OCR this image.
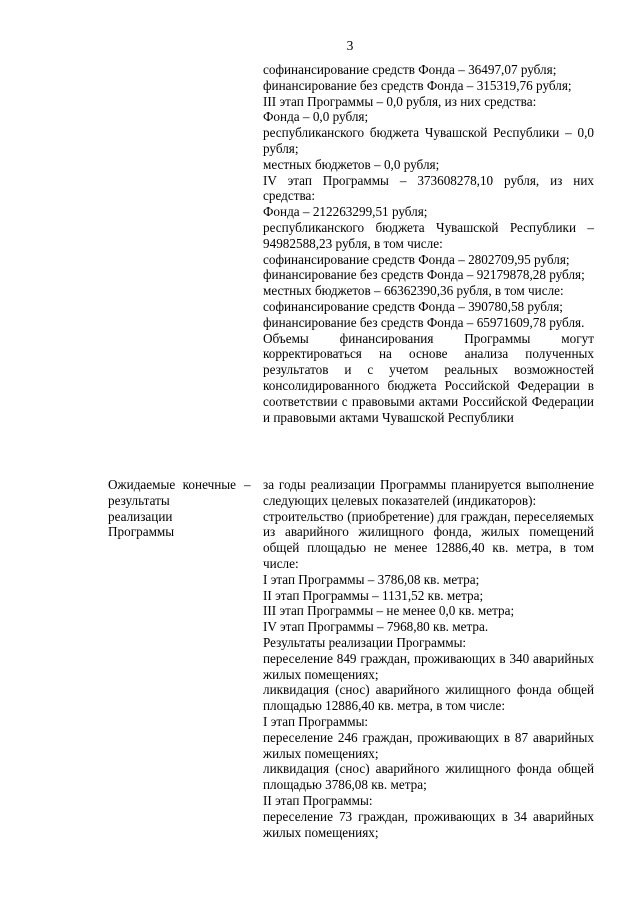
3

софинансирование средств Фонда – 36497,07 рубля;

финансирование без средств Фонда – 315319,76 рубля;

III этап Программы – 0,0 рубля, из них средства:

Фонда – 0,0 рубля;

республиканского бюджета Чувашской Республики – 0,0 рубля;

местных бюджетов – 0,0 рубля;

IV этап Программы – 373608278,10 рубля, из них средства:

Фонда – 212263299,51 рубля;

республиканского бюджета Чувашской Республики – 94982588,23 рубля, в том числе:

софинансирование средств Фонда – 2802709,95 рубля;

финансирование без средств Фонда – 92179878,28 рубля;

местных бюджетов – 66362390,36 рубля, в том числе:

софинансирование средств Фонда – 390780,58 рубля;

финансирование без средств Фонда – 65971609,78 рубля.

Объемы финансирования Программы могут корректироваться на основе анализа полученных результатов и с учетом реальных возможностей консолидированного бюджета Российской Федерации в соответствии с правовыми актами Российской Федерации и правовыми актами Чувашской Республики

Ожидаемые конечные результаты реализации Программы
– за годы реализации Программы планируется выполнение следующих целевых показателей (индикаторов):

строительство (приобретение) для граждан, переселяемых из аварийного жилищного фонда, жилых помещений общей площадью не менее 12886,40 кв. метра, в том числе:

I этап Программы – 3786,08 кв. метра;

II этап Программы – 1131,52 кв. метра;

III этап Программы – не менее 0,0 кв. метра;

IV этап Программы – 7968,80 кв. метра.

Результаты реализации Программы:

переселение 849 граждан, проживающих в 340 аварийных жилых помещениях;

ликвидация (снос) аварийного жилищного фонда общей площадью 12886,40 кв. метра, в том числе:

I этап Программы:

переселение 246 граждан, проживающих в 87 аварийных жилых помещениях;

ликвидация (снос) аварийного жилищного фонда общей площадью 3786,08 кв. метра;

II этап Программы:

переселение 73 граждан, проживающих в 34 аварийных жилых помещениях;
